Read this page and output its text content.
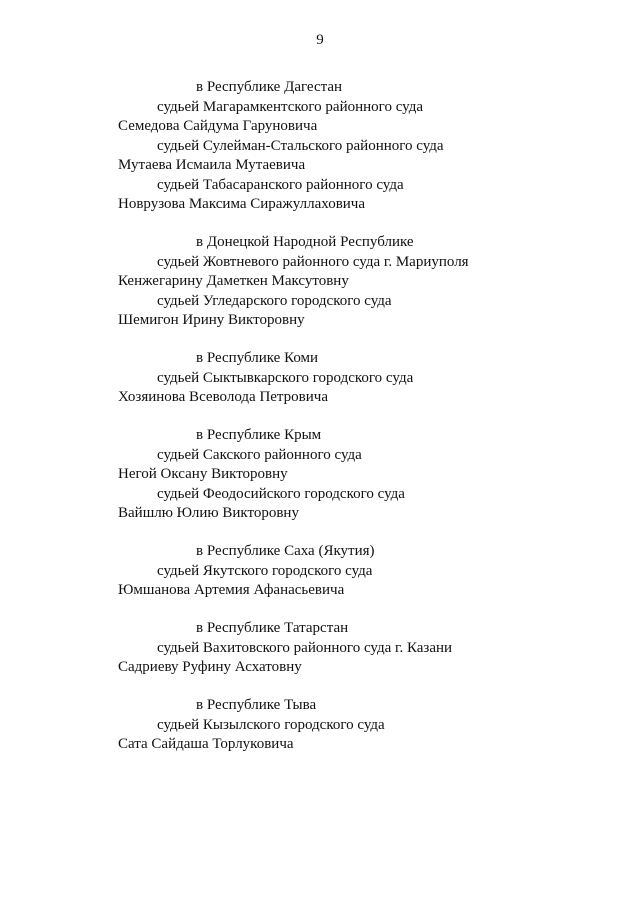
9
в Республике Дагестан
судьей Магарамкентского районного суда
Семедова Сайдума Гаруновича
судьей Сулейман-Стальского районного суда
Мутаева Исмаила Мутаевича
судьей Табасаранского районного суда
Новрузова Максима Сиражуллаховича
в Донецкой Народной Республике
судьей Жовтневого районного суда г. Мариуполя
Кенжегарину Даметкен Максутовну
судьей Угледарского городского суда
Шемигон Ирину Викторовну
в Республике Коми
судьей Сыктывкарского городского суда
Хозяинова Всеволода Петровича
в Республике Крым
судьей Сакского районного суда
Негой Оксану Викторовну
судьей Феодосийского городского суда
Вайшлю Юлию Викторовну
в Республике Саха (Якутия)
судьей Якутского городского суда
Юмшанова Артемия Афанасьевича
в Республике Татарстан
судьей Вахитовского районного суда г. Казани
Садриеву Руфину Асхатовну
в Республике Тыва
судьей Кызылского городского суда
Сата Сайдаша Торлуковича
